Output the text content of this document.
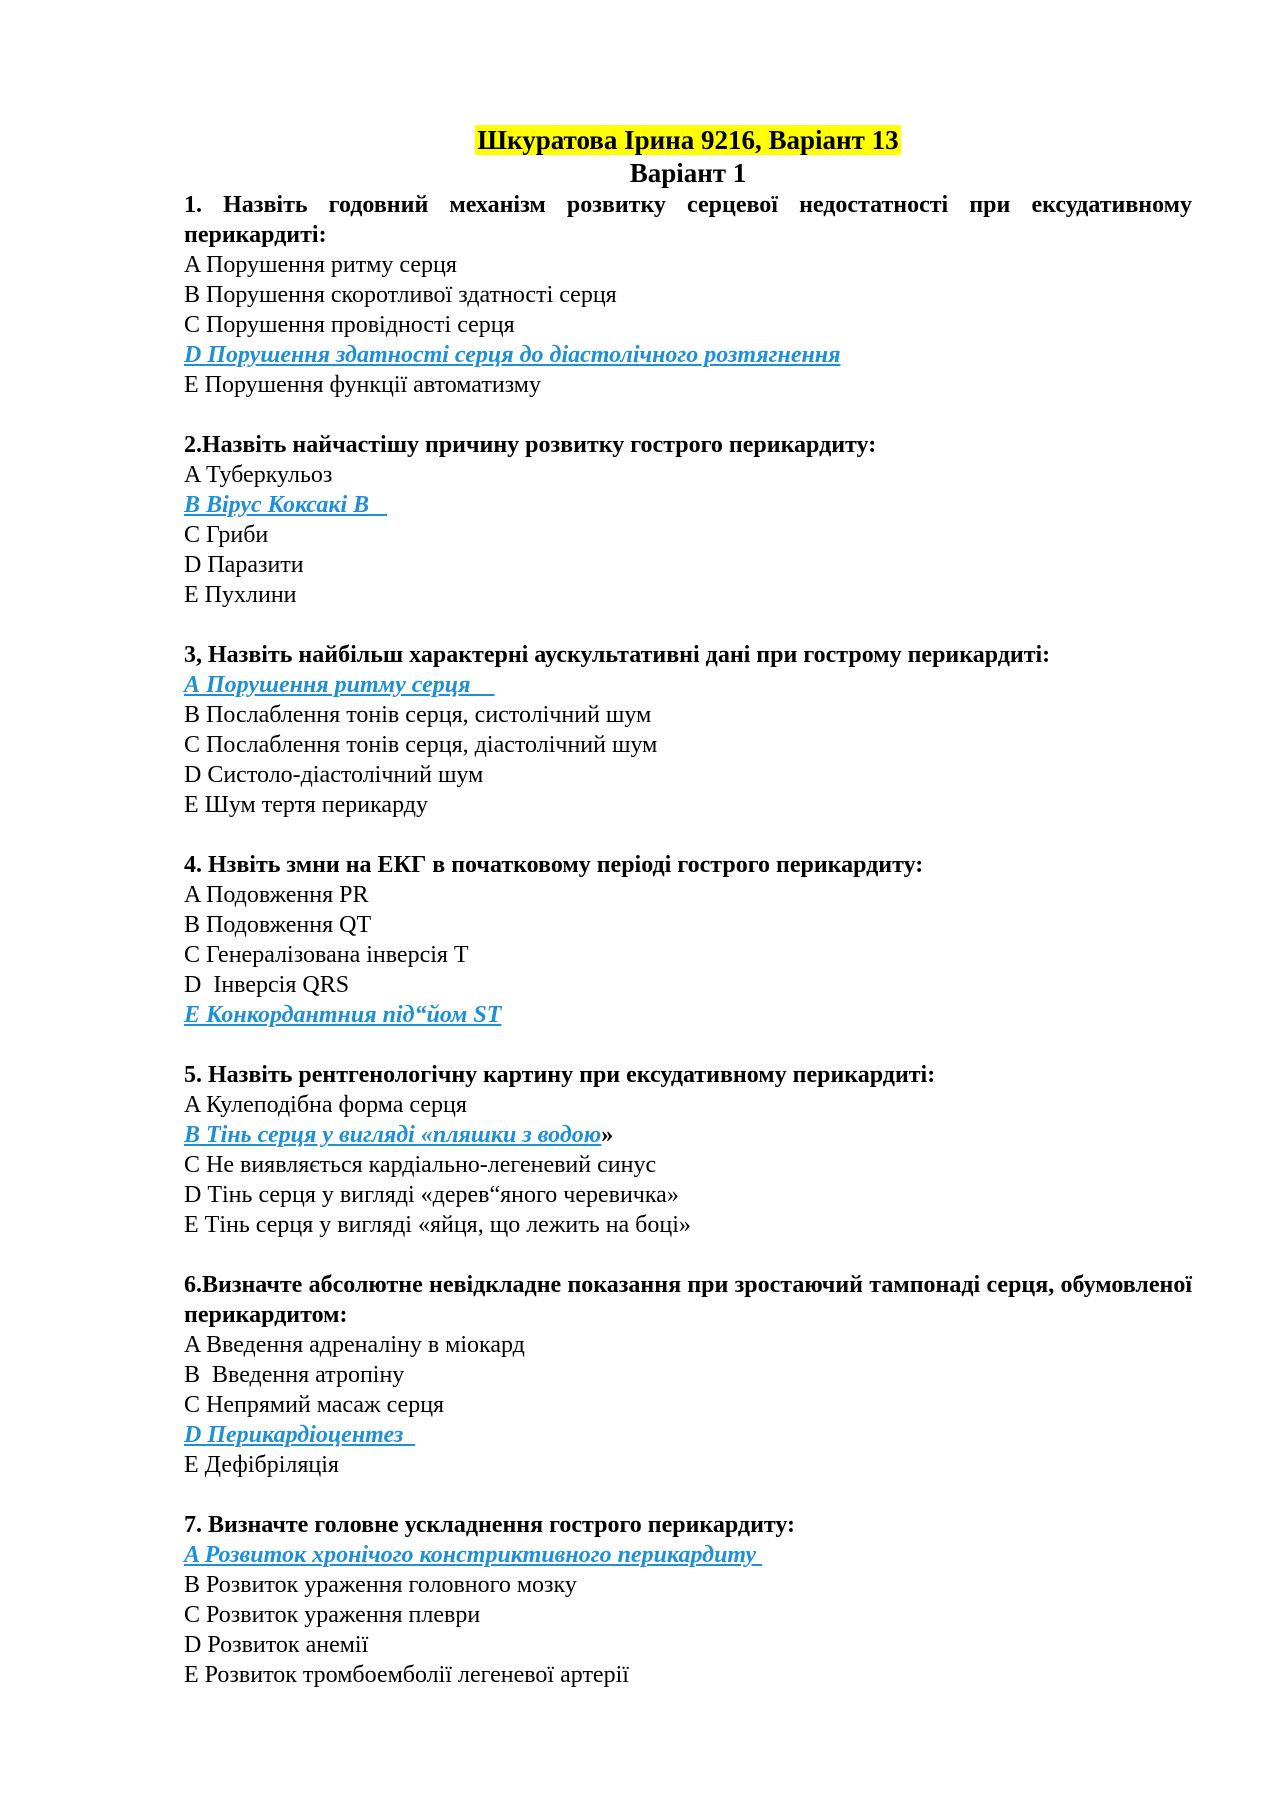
Шкуратова Ірина 9216, Варіант 13
Варіант 1
1. Назвіть годовний механізм розвитку серцевої недостатності при ексудативному перикардиті:
A Порушення ритму серця
B Порушення скоротливої здатності серця
C Порушення провідності серця
D Порушення здатності серця до діастолічного розтягнення
E Порушення функції автоматизму
2.Назвіть найчастішу причину розвитку гострого перикардиту:
A Туберкульоз
B Вірус Коксакі В
C Гриби
D Паразити
E Пухлини
3, Назвіть найбільш характерні аускультативні дані при гострому перикардиті:
А Порушення ритму серця
В Послаблення тонів серця, систолічний шум
С Послаблення тонів серця, діастолічний шум
D Систоло-діастолічний шум
Е Шум тертя перикарду
4. Нзвіть змни на ЕКГ в початковому періоді гострого перикардиту:
A Подовження PR
B Подовження QT
C Генералізована інверсія Т
D  Інверсія QRS
E Конкордантния під“йом ST
5. Назвіть рентгенологічну картину при ексудативному перикардиті:
A Кулеподібна форма серця
B Тінь серця у вигляді «пляшки з водою»
C Не виявляється кардіально-легеневий синус
D Тінь серця у вигляді «дерев“яного черевичка»
E Тінь серця у вигляді «яйця, що лежить на боці»
6.Визначте абсолютне невідкладне показання при зростаючий тампонаді серця, обумовленої перикардитом:
A Введення адреналіну в міокард
B  Введення атропіну
C Непрямий масаж серця
D Перикардіоцентез
E Дефібріляція
7. Визначте головне ускладнення гострого перикардиту:
A Розвиток хронічого констриктивного перикардиту
B Розвиток ураження головного мозку
C Розвиток ураження плеври
D Розвиток анемії
E Розвиток тромбоемболії легеневої артерії
